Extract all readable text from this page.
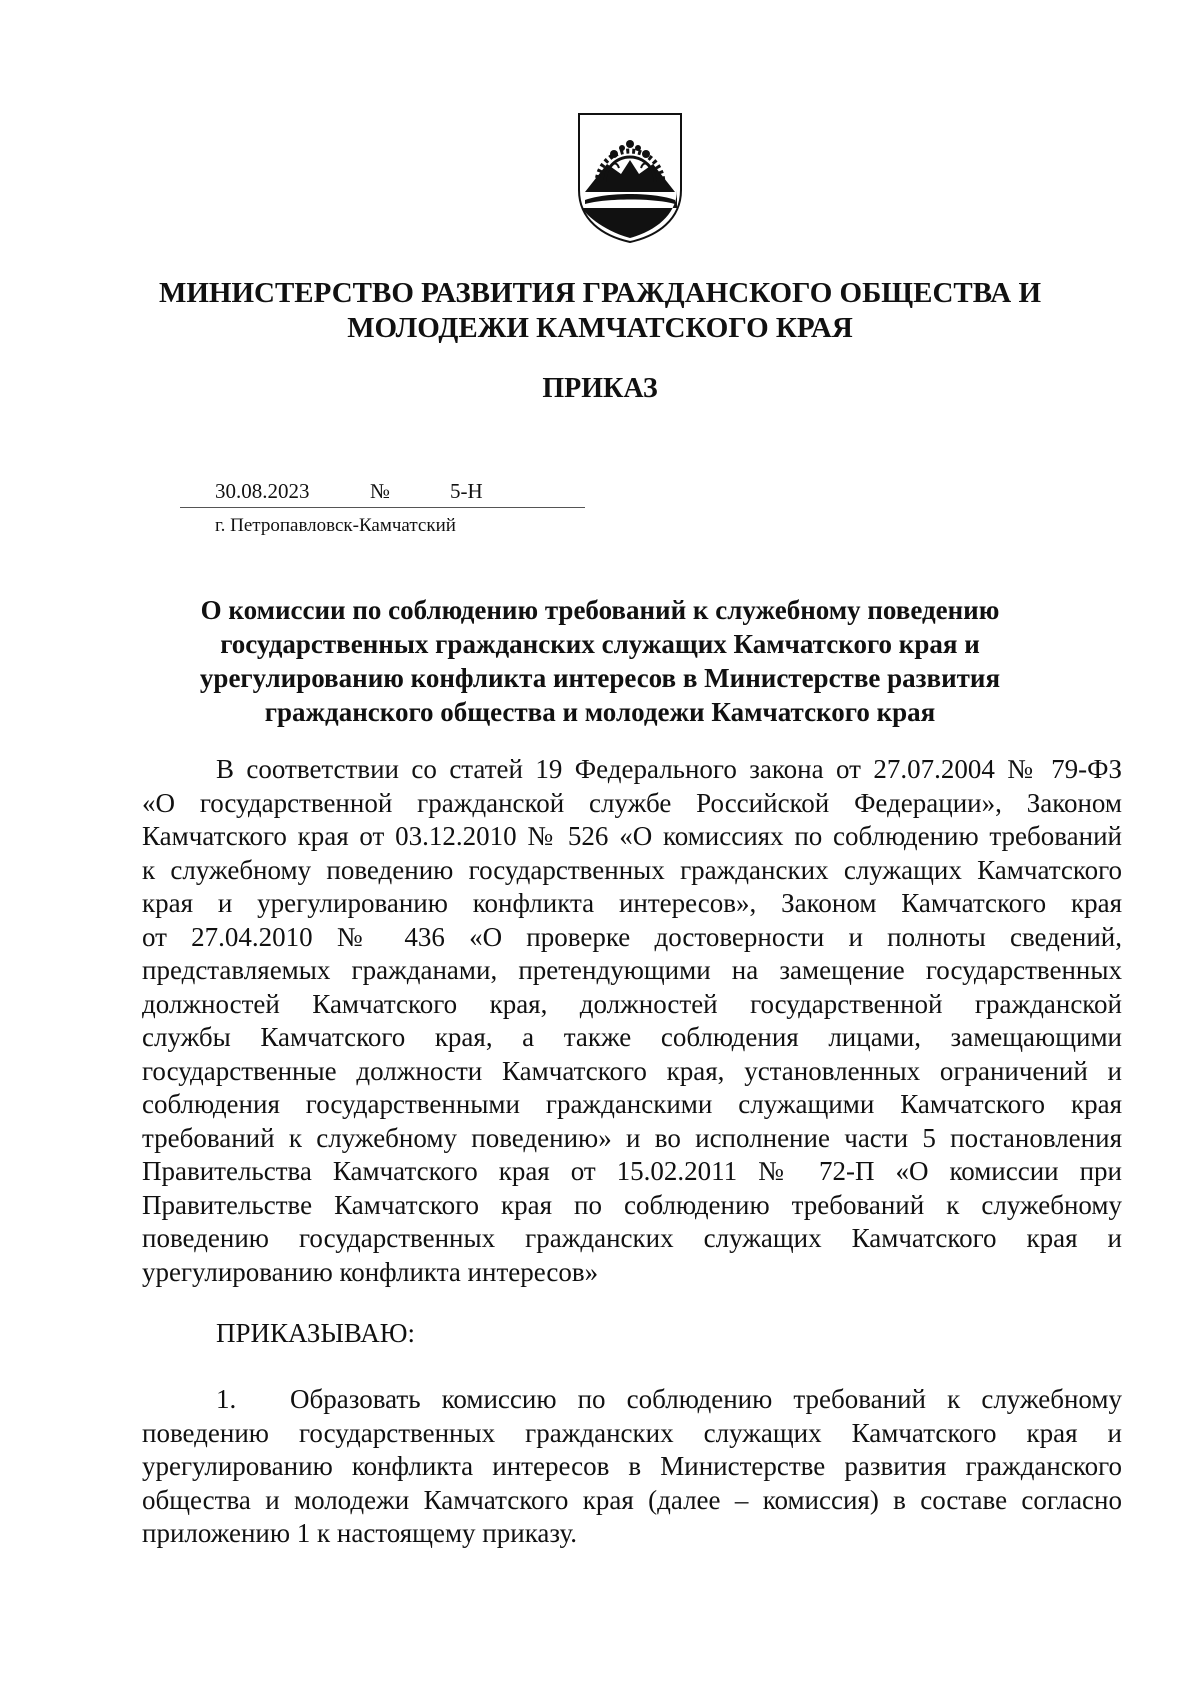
МИНИСТЕРСТВО РАЗВИТИЯ ГРАЖДАНСКОГО ОБЩЕСТВА И
МОЛОДЕЖИ КАМЧАТСКОГО КРАЯ
ПРИКАЗ
30.08.2023	№	5-Н
г. Петропавловск-Камчатский
О комиссии по соблюдению требований к служебному поведению
государственных гражданских служащих Камчатского края и
урегулированию конфликта интересов в Министерстве развития
гражданского общества и молодежи Камчатского края
В соответствии со статей 19 Федерального закона от 27.07.2004 № 79-ФЗ
«О государственной гражданской службе Российской Федерации», Законом
Камчатского края от 03.12.2010 № 526 «О комиссиях по соблюдению требований
к служебному поведению государственных гражданских служащих Камчатского
края и урегулированию конфликта интересов», Законом Камчатского края
от 27.04.2010 № 436 «О проверке достоверности и полноты сведений,
представляемых гражданами, претендующими на замещение государственных
должностей Камчатского края, должностей государственной гражданской
службы Камчатского края, а также соблюдения лицами, замещающими
государственные должности Камчатского края, установленных ограничений и
соблюдения государственными гражданскими служащими Камчатского края
требований к служебному поведению» и во исполнение части 5 постановления
Правительства Камчатского края от 15.02.2011 № 72-П «О комиссии при
Правительстве Камчатского края по соблюдению требований к служебному
поведению государственных гражданских служащих Камчатского края и
урегулированию конфликта интересов»
ПРИКАЗЫВАЮ:
1. Образовать комиссию по соблюдению требований к служебному
поведению государственных гражданских служащих Камчатского края и
урегулированию конфликта интересов в Министерстве развития гражданского
общества и молодежи Камчатского края (далее – комиссия) в составе согласно
приложению 1 к настоящему приказу.
